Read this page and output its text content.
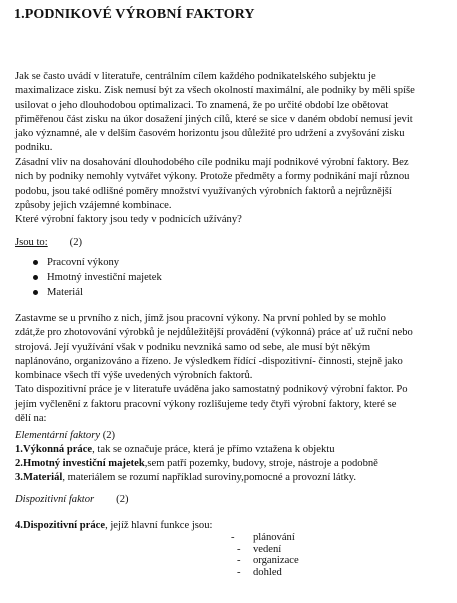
1.PODNIKOVÉ VÝROBNÍ FAKTORY

Jak se často uvádí v literatuře, centrálním cílem každého podnikatelského subjektu je
maximalizace zisku. Zisk nemusí být za všech okolností maximální, ale podniky by měli spíše
usilovat o jeho dlouhodobou optimalizaci. To znamená, že po určité období lze obětovat
přiměřenou část zisku na úkor dosažení jiných cílů, které se sice v daném období nemusí jevit
jako významné, ale v delším časovém horizontu jsou důležité pro udržení a zvyšování zisku
podniku.

Zásadní vliv na dosahování dlouhodobého cíle podniku mají podnikové výrobní faktory. Bez
nich by podniky nemohly vytvářet výkony. Protože předměty a formy podnikání mají různou
podobu, jsou také odlišné poměry množství využívaných výrobních faktorů a nejrůznější
způsoby jejich vzájemné kombinace.
Které výrobní faktory jsou tedy v podnicích užívány?

Jsou to: (2)
Pracovní výkony
Hmotný investiční majetek
Materiál

Zastavme se u prvního z nich, jímž jsou pracovní výkony. Na první pohled by se mohlo
zdát,že pro zhotovování výrobků je nejdůležitější provádění (výkonná) práce ať už ruční nebo
strojová. Její využívání však v podniku nevzniká samo od sebe, ale musí být někým
naplánováno, organizováno a řízeno. Je výsledkem řídící -dispozitivní- činnosti, stejně jako
kombinace všech tří výše uvedených výrobních faktorů.
Tato dispozitivní práce je v literatuře uváděna jako samostatný podnikový výrobní faktor. Po
jejím vyčlenění z faktoru pracovní výkony rozlišujeme tedy čtyři výrobní faktory, které se
dělí na:

Elementární faktory (2)
1.Výkonná práce, tak se označuje práce, která je přímo vztažena k objektu
2.Hmotný investiční majetek,sem patří pozemky, budovy, stroje, nástroje a podobně
3.Materiál, materiálem se rozumí například suroviny,pomocné a provozní látky.
Dispozitivní faktor (2)
4.Dispozitivní práce, jejíž hlavní funkce jsou:
- plánování
- vedení
- organizace
- dohled
